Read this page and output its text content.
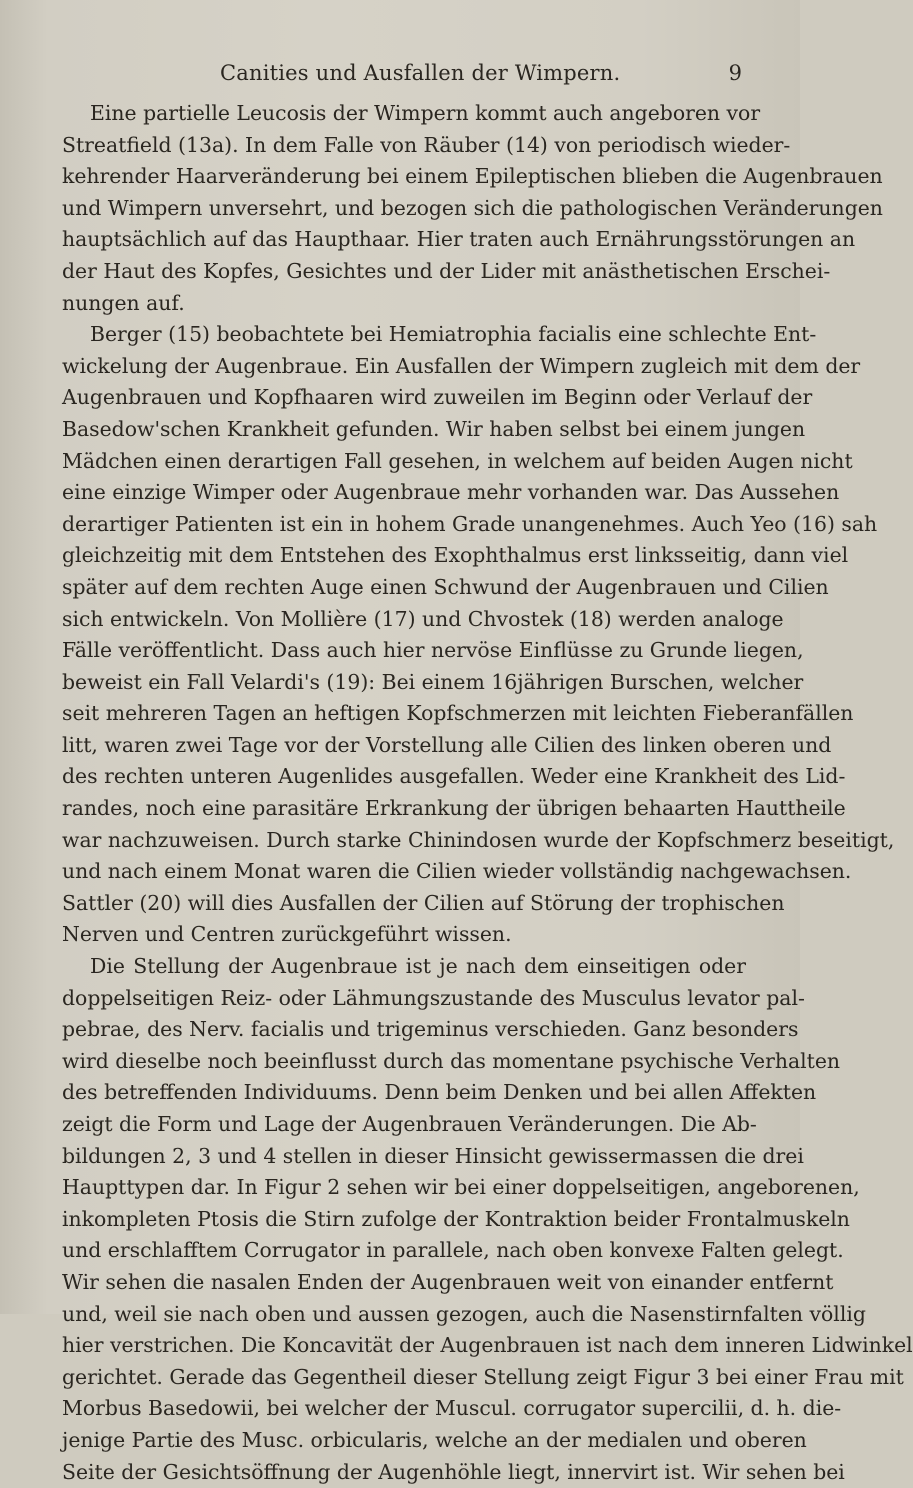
Canities und Ausfallen der Wimpern.	9
Eine partielle Leucosis der Wimpern kommt auch angeboren vor
Streatfield (13a). In dem Falle von Räuber (14) von periodisch wieder-
kehrender Haarveränderung bei einem Epileptischen blieben die Augenbrauen
und Wimpern unversehrt, und bezogen sich die pathologischen Veränderungen
hauptsächlich auf das Haupthaar. Hier traten auch Ernährungsstörungen an
der Haut des Kopfes, Gesichtes und der Lider mit anästhetischen Erschei-
nungen auf.
Berger (15) beobachtete bei Hemiatrophia facialis eine schlechte Ent-
wickelung der Augenbraue. Ein Ausfallen der Wimpern zugleich mit dem der
Augenbrauen und Kopfhaaren wird zuweilen im Beginn oder Verlauf der
Basedow'schen Krankheit gefunden. Wir haben selbst bei einem jungen
Mädchen einen derartigen Fall gesehen, in welchem auf beiden Augen nicht
eine einzige Wimper oder Augenbraue mehr vorhanden war. Das Aussehen
derartiger Patienten ist ein in hohem Grade unangenehmes. Auch Yeo (16) sah
gleichzeitig mit dem Entstehen des Exophthalmus erst linksseitig, dann viel
später auf dem rechten Auge einen Schwund der Augenbrauen und Cilien
sich entwickeln. Von Mollière (17) und Chvostek (18) werden analoge
Fälle veröffentlicht. Dass auch hier nervöse Einflüsse zu Grunde liegen,
beweist ein Fall Velardi's (19): Bei einem 16jährigen Burschen, welcher
seit mehreren Tagen an heftigen Kopfschmerzen mit leichten Fieberanfällen
litt, waren zwei Tage vor der Vorstellung alle Cilien des linken oberen und
des rechten unteren Augenlides ausgefallen. Weder eine Krankheit des Lid-
randes, noch eine parasitäre Erkrankung der übrigen behaarten Hauttheile
war nachzuweisen. Durch starke Chinindosen wurde der Kopfschmerz beseitigt,
und nach einem Monat waren die Cilien wieder vollständig nachgewachsen.
Sattler (20) will dies Ausfallen der Cilien auf Störung der trophischen
Nerven und Centren zurückgeführt wissen.
Die Stellung der Augenbraue ist je nach dem einseitigen oder
doppelseitigen Reiz- oder Lähmungszustande des Musculus levator pal-
pebrae, des Nerv. facialis und trigeminus verschieden. Ganz besonders
wird dieselbe noch beeinflusst durch das momentane psychische Verhalten
des betreffenden Individuums. Denn beim Denken und bei allen Affekten
zeigt die Form und Lage der Augenbrauen Veränderungen. Die Ab-
bildungen 2, 3 und 4 stellen in dieser Hinsicht gewissermassen die drei
Haupttypen dar. In Figur 2 sehen wir bei einer doppelseitigen, angeborenen,
inkompleten Ptosis die Stirn zufolge der Kontraktion beider Frontalmuskeln
und erschlafftem Corrugator in parallele, nach oben konvexe Falten gelegt.
Wir sehen die nasalen Enden der Augenbrauen weit von einander entfernt
und, weil sie nach oben und aussen gezogen, auch die Nasenstirnfalten völlig
hier verstrichen. Die Koncavität der Augenbrauen ist nach dem inneren Lidwinkel
gerichtet. Gerade das Gegentheil dieser Stellung zeigt Figur 3 bei einer Frau mit
Morbus Basedowii, bei welcher der Muscul. corrugator supercilii, d. h. die-
jenige Partie des Musc. orbicularis, welche an der medialen und oberen
Seite der Gesichtsöffnung der Augenhöhle liegt, innervirt ist. Wir sehen bei
